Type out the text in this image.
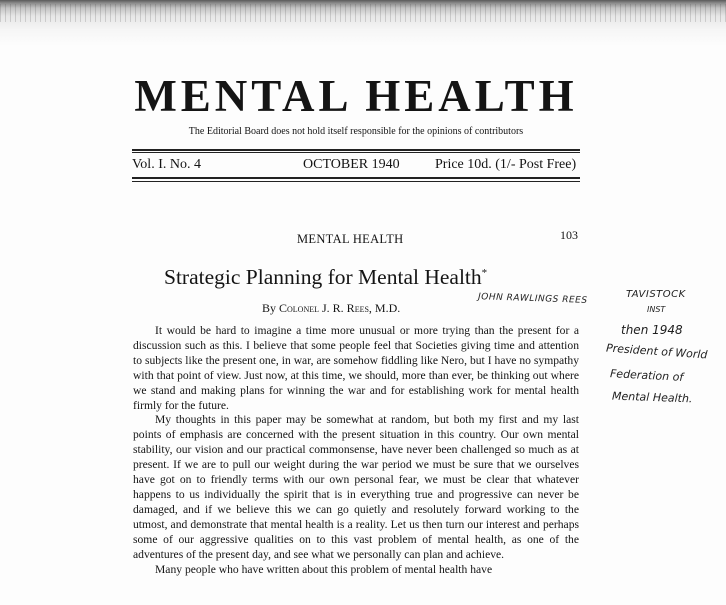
MENTAL HEALTH
The Editorial Board does not hold itself responsible for the opinions of contributors
Vol. I. No. 4	OCTOBER 1940	Price 10d. (1/- Post Free)
MENTAL HEALTH	103
Strategic Planning for Mental Health*
By Colonel J. R. Rees, M.D.

It would be hard to imagine a time more unusual or more trying than the present for a discussion such as this. I believe that some people feel that Societies giving time and attention to subjects like the present one, in war, are somehow fiddling like Nero, but I have no sympathy with that point of view. Just now, at this time, we should, more than ever, be thinking out where we stand and making plans for winning the war and for establishing work for mental health firmly for the future.

My thoughts in this paper may be somewhat at random, but both my first and my last points of emphasis are concerned with the present situation in this country. Our own mental stability, our vision and our practical commonsense, have never been challenged so much as at present. If we are to pull our weight during the war period we must be sure that we ourselves have got on to friendly terms with our own personal fear, we must be clear that whatever happens to us individually the spirit that is in everything true and progressive can never be damaged, and if we believe this we can go quietly and resolutely forward working to the utmost, and demonstrate that mental health is a reality. Let us then turn our interest and perhaps some of our aggressive qualities on to this vast problem of mental health, as one of the adventures of the present day, and see what we personally can plan and achieve.

Many people who have written about this problem of mental health have

JOHN RAWLINGS REES	TAVISTOCK
INST
then 1948
President of World
Federation of
Mental Health.
